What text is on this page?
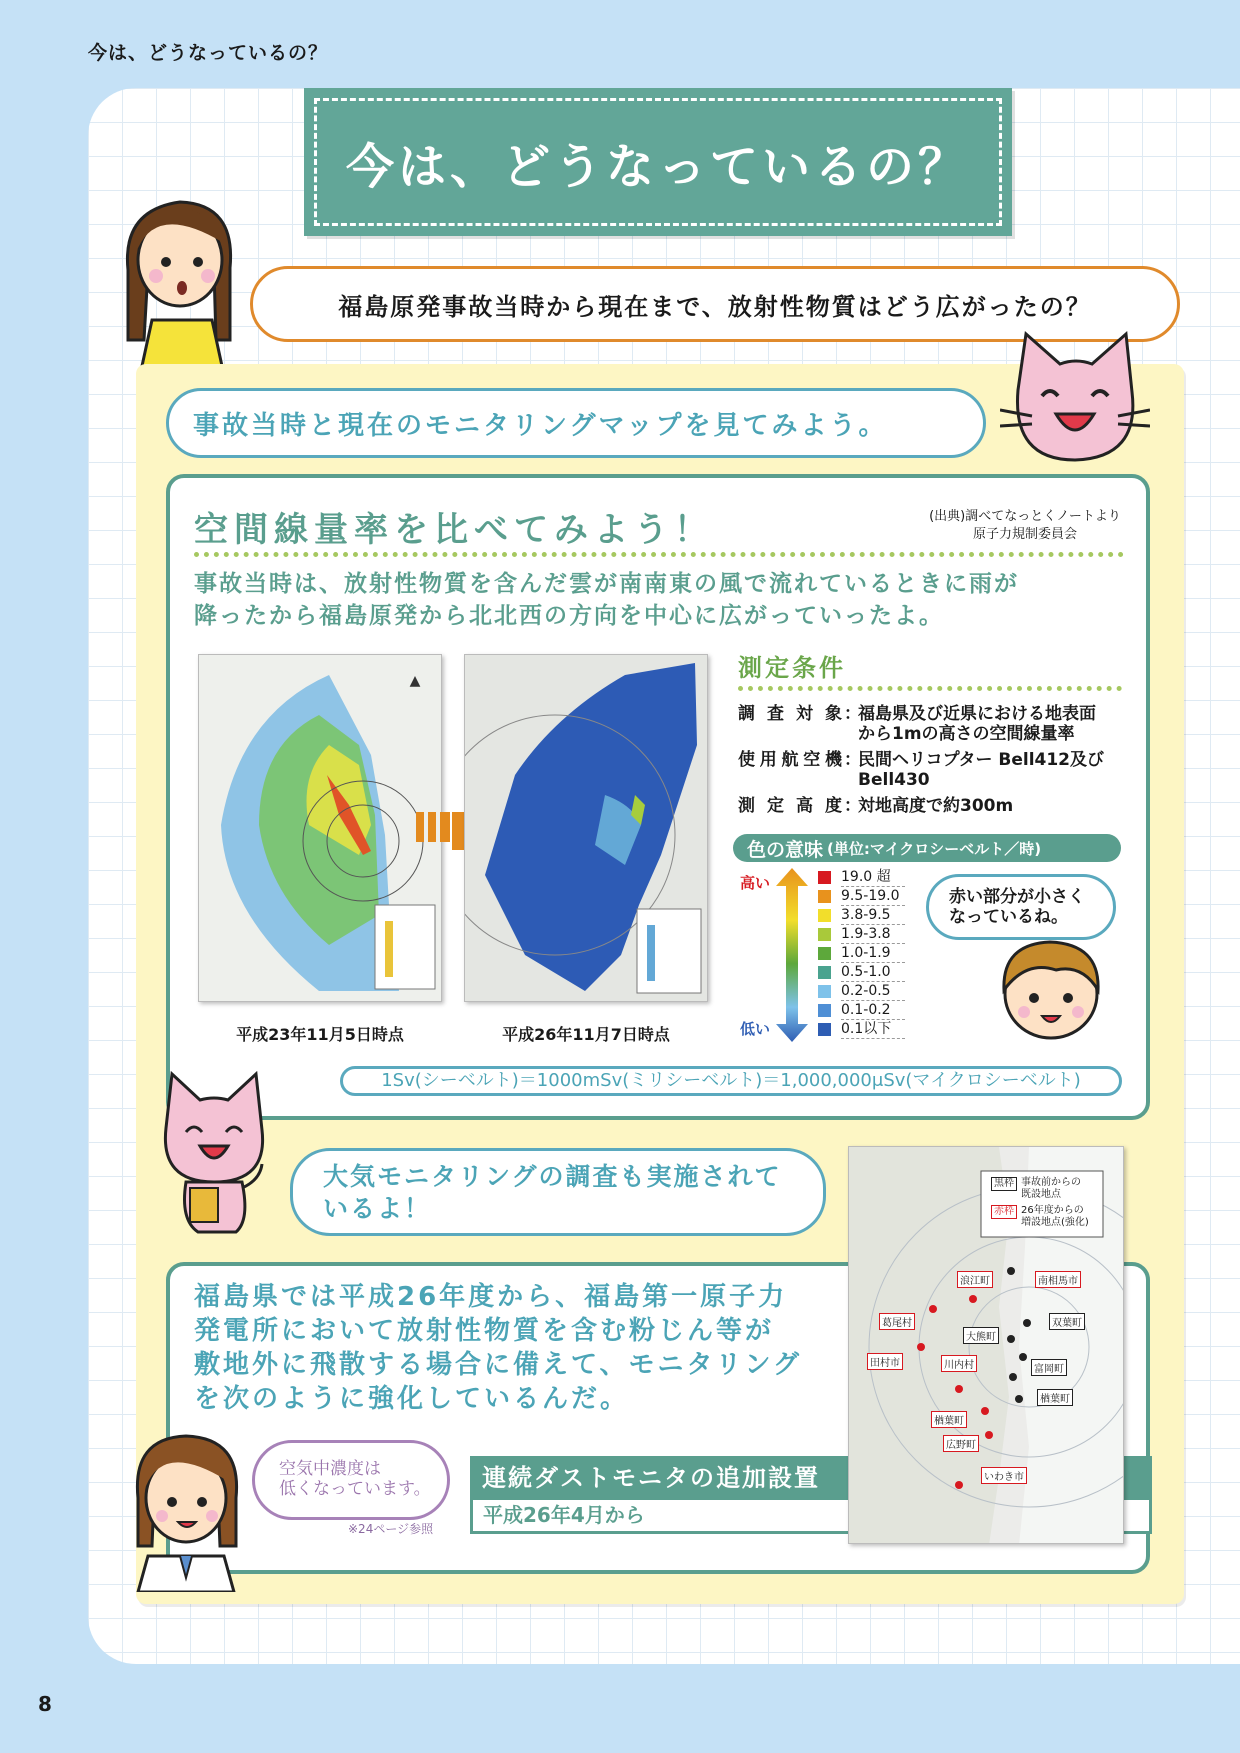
今は、どうなっているの？
8
今は、どうなっているの？
福島原発事故当時から現在まで、放射性物質はどう広がったの？
事故当時と現在のモニタリングマップを見てみよう。
空間線量率を比べてみよう！	(出典)調べてなっとくノートより
原子力規制委員会
事故当時は、放射性物質を含んだ雲が南南東の風で流れているときに雨が
降ったから福島原発から北北西の方向を中心に広がっていったよ。
▲
平成23年11月5日時点	平成26年11月7日時点
測定条件
調査対象 ：
福島県及び近県における地表面
から1mの高さの空間線量率
使用航空機 ：
民間ヘリコプター Bell412及び
Bell430
測定高度 ：
対地高度で約300m
色の意味 (単位:マイクロシーベルト／時)
高い
低い
19.0 超
9.5-19.0
3.8-9.5
1.9-3.8
1.0-1.9
0.5-1.0
0.2-0.5
0.1-0.2
0.1以下
赤い部分が小さく
なっているね。
1Sv(シーベルト)＝1000mSv(ミリシーベルト)＝1,000,000μSv(マイクロシーベルト)
大気モニタリングの調査も実施されて
いるよ！
福島県では平成26年度から、福島第一原子力
発電所において放射性物質を含む粉じん等が
敷地外に飛散する場合に備えて、モニタリング
を次のように強化しているんだ。
連続ダストモニタの追加設置
平成26年4月から
空気中濃度は
低くなっています。
※24ページ参照
黒枠 事故前からの
既設地点
赤枠 26年度からの
増設地点(強化)
浪江町	南相馬市
葛尾村	双葉町
大熊町
田村市	川内村	富岡町
楢葉町
楢葉町
広野町
いわき市
